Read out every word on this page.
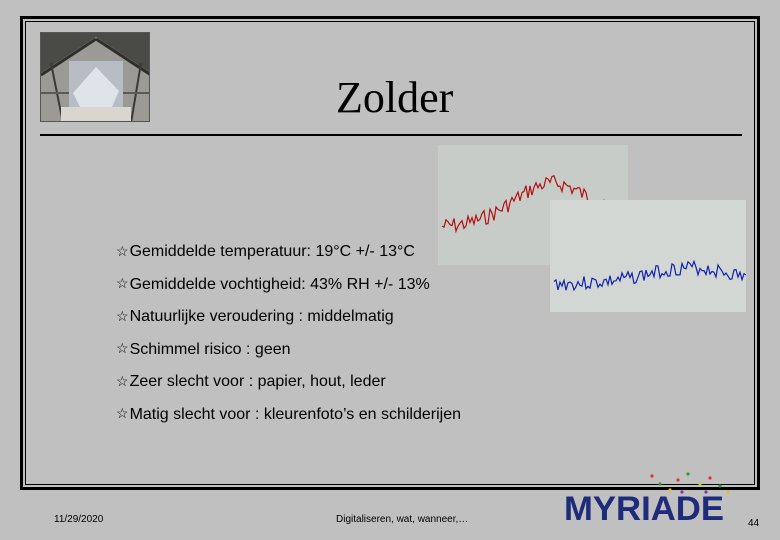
Zolder
☆ Gemiddelde temperatuur: 19°C +/- 13°C
☆ Gemiddelde vochtigheid: 43% RH +/- 13%
☆ Natuurlijke veroudering : middelmatig
☆ Schimmel risico : geen
☆ Zeer slecht voor : papier, hout, leder
☆ Matig slecht voor : kleurenfoto’s en schilderijen
11/29/2020	Digitaliseren, wat, wanneer,…	44
MYRIADE
